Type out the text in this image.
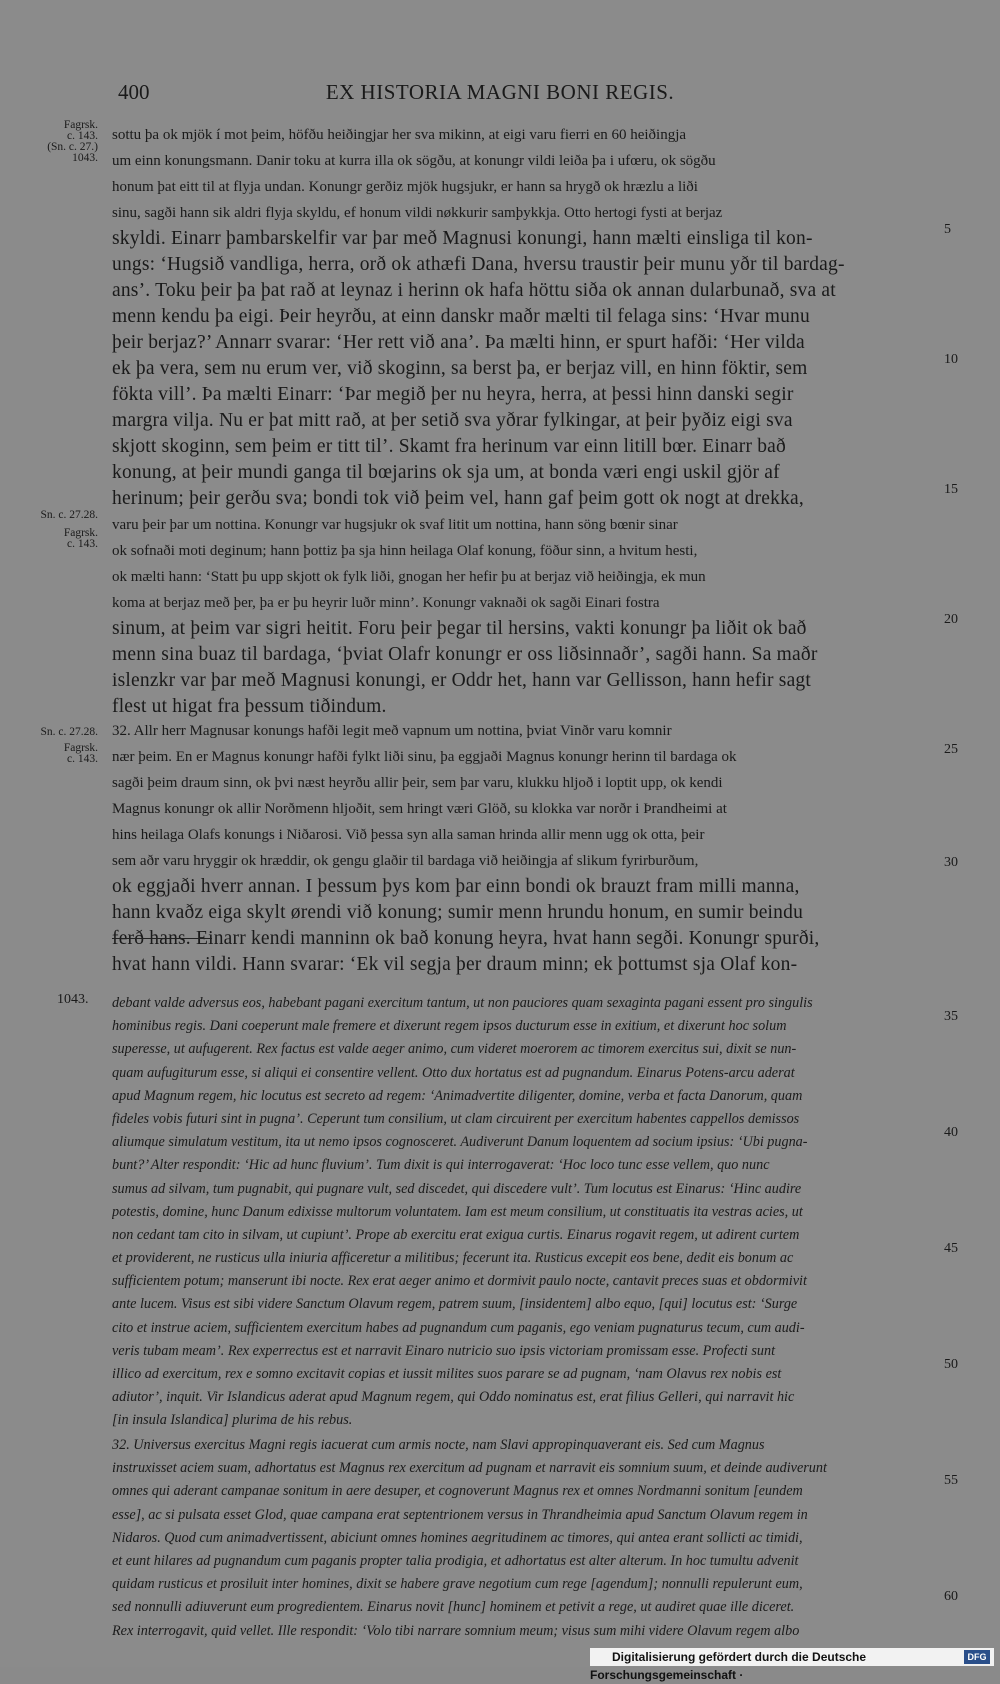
400	EX HISTORIA MAGNI BONI REGIS.
Fagrsk.
c. 143.
(Sn. c. 27.)
1043.
Sn. c. 27.28.
Fagrsk.
c. 143.
Sn. c. 27.28.
Fagrsk.
c. 143.
sottu þa ok mjök í mot þeim, höfðu heiðingjar her sva mikinn, at eigi varu fierri en 60 heiðingja
um einn konungsmann. Danir toku at kurra illa ok sögðu, at konungr vildi leiða þa i ufœru, ok sögðu
honum þat eitt til at flyja undan. Konungr gerðiz mjök hugsjukr, er hann sa hrygð ok hræzlu a liði
sinu, sagði hann sik aldri flyja skyldu, ef honum vildi nøkkurir samþykkja. Otto hertogi fysti at berjaz
skyldi. Einarr þambarskelfir var þar með Magnusi konungi, hann mælti einsliga til kon-
ungs: ‘Hugsið vandliga, herra, orð ok athæfi Dana, hversu traustir þeir munu yðr til bardag-
ans’. Toku þeir þa þat rað at leynaz i herinn ok hafa höttu siða ok annan dularbunað, sva at
menn kendu þa eigi. Þeir heyrðu, at einn danskr maðr mælti til felaga sins: ‘Hvar munu
þeir berjaz?’ Annarr svarar: ‘Her rett við ana’. Þa mælti hinn, er spurt hafði: ‘Her vilda
ek þa vera, sem nu erum ver, við skoginn, sa berst þa, er berjaz vill, en hinn föktir, sem
fökta vill’. Þa mælti Einarr: ‘Þar megið þer nu heyra, herra, at þessi hinn danski segir
margra vilja. Nu er þat mitt rað, at þer setið sva yðrar fylkingar, at þeir þyðiz eigi sva
skjott skoginn, sem þeim er titt til’. Skamt fra herinum var einn litill bœr. Einarr bað
konung, at þeir mundi ganga til bœjarins ok sja um, at bonda væri engi uskil gjör af
herinum; þeir gerðu sva; bondi tok við þeim vel, hann gaf þeim gott ok nogt at drekka,
varu þeir þar um nottina. Konungr var hugsjukr ok svaf litit um nottina, hann söng bœnir sinar
ok sofnaði moti deginum; hann þottiz þa sja hinn heilaga Olaf konung, föður sinn, a hvitum hesti,
ok mælti hann: ‘Statt þu upp skjott ok fylk liði, gnogan her hefir þu at berjaz við heiðingja, ek mun
koma at berjaz með þer, þa er þu heyrir luðr minn’. Konungr vaknaði ok sagði Einari fostra
sinum, at þeim var sigri heitit. Foru þeir þegar til hersins, vakti konungr þa liðit ok bað
menn sina buaz til bardaga, ‘þviat Olafr konungr er oss liðsinnaðr’, sagði hann. Sa maðr
islenzkr var þar með Magnusi konungi, er Oddr het, hann var Gellisson, hann hefir sagt
flest ut higat fra þessum tiðindum.
32. Allr herr Magnusar konungs hafði legit með vapnum um nottina, þviat Vinðr varu komnir
nær þeim. En er Magnus konungr hafði fylkt liði sinu, þa eggjaði Magnus konungr herinn til bardaga ok
sagði þeim draum sinn, ok þvi næst heyrðu allir þeir, sem þar varu, klukku hljoð i loptit upp, ok kendi
Magnus konungr ok allir Norðmenn hljoðit, sem hringt væri Glöð, su klokka var norðr i Þrandheimi at
hins heilaga Olafs konungs i Niðarosi. Við þessa syn alla saman hrinda allir menn ugg ok otta, þeir
sem aðr varu hryggir ok hræddir, ok gengu glaðir til bardaga við heiðingja af slikum fyrirburðum,
ok eggjaði hverr annan. I þessum þys kom þar einn bondi ok brauzt fram milli manna,
hann kvaðz eiga skylt ørendi við konung; sumir menn hrundu honum, en sumir beindu
ferð hans. Einarr kendi manninn ok bað konung heyra, hvat hann segði. Konungr spurði,
hvat hann vildi. Hann svarar: ‘Ek vil segja þer draum minn; ek þottumst sja Olaf kon-
5
10
15
20
25
30
35
40
45
50
55
60
1043. debant valde adversus eos, habebant pagani exercitum tantum, ut non pauciores quam sexaginta pagani essent pro singulis
hominibus regis. Dani coeperunt male fremere et dixerunt regem ipsos ducturum esse in exitium, et dixerunt hoc solum
superesse, ut aufugerent. Rex factus est valde aeger animo, cum videret moerorem ac timorem exercitus sui, dixit se nun-
quam aufugiturum esse, si aliqui ei consentire vellent. Otto dux hortatus est ad pugnandum. Einarus Potens-arcu aderat
apud Magnum regem, hic locutus est secreto ad regem: ‘Animadvertite diligenter, domine, verba et facta Danorum, quam
fideles vobis futuri sint in pugna’. Ceperunt tum consilium, ut clam circuirent per exercitum habentes cappellos demissos
aliumque simulatum vestitum, ita ut nemo ipsos cognosceret. Audiverunt Danum loquentem ad socium ipsius: ‘Ubi pugna-
bunt?’ Alter respondit: ‘Hic ad hunc fluvium’. Tum dixit is qui interrogaverat: ‘Hoc loco tunc esse vellem, quo nunc
sumus ad silvam, tum pugnabit, qui pugnare vult, sed discedet, qui discedere vult’. Tum locutus est Einarus: ‘Hinc audire
potestis, domine, hunc Danum edixisse multorum voluntatem. Iam est meum consilium, ut constituatis ita vestras acies, ut
non cedant tam cito in silvam, ut cupiunt’. Prope ab exercitu erat exigua curtis. Einarus rogavit regem, ut adirent curtem
et providerent, ne rusticus ulla iniuria afficeretur a militibus; fecerunt ita. Rusticus excepit eos bene, dedit eis bonum ac
sufficientem potum; manserunt ibi nocte. Rex erat aeger animo et dormivit paulo nocte, cantavit preces suas et obdormivit
ante lucem. Visus est sibi videre Sanctum Olavum regem, patrem suum, [insidentem] albo equo, [qui] locutus est: ‘Surge
cito et instrue aciem, sufficientem exercitum habes ad pugnandum cum paganis, ego veniam pugnaturus tecum, cum audi-
veris tubam meam’. Rex experrectus est et narravit Einaro nutricio suo ipsis victoriam promissam esse. Profecti sunt
illico ad exercitum, rex e somno excitavit copias et iussit milites suos parare se ad pugnam, ‘nam Olavus rex nobis est
adiutor’, inquit. Vir Islandicus aderat apud Magnum regem, qui Oddo nominatus est, erat filius Gelleri, qui narravit hic
[in insula Islandica] plurima de his rebus.
32. Universus exercitus Magni regis iacuerat cum armis nocte, nam Slavi appropinquaverant eis. Sed cum Magnus
instruxisset aciem suam, adhortatus est Magnus rex exercitum ad pugnam et narravit eis somnium suum, et deinde audiverunt
omnes qui aderant campanae sonitum in aere desuper, et cognoverunt Magnus rex et omnes Nordmanni sonitum [eundem
esse], ac si pulsata esset Glod, quae campana erat septentrionem versus in Thrandheimia apud Sanctum Olavum regem in
Nidaros. Quod cum animadvertissent, abiciunt omnes homines aegritudinem ac timores, qui antea erant sollicti ac timidi,
et eunt hilares ad pugnandum cum paganis propter talia prodigia, et adhortatus est alter alterum. In hoc tumultu advenit
quidam rusticus et prosiluit inter homines, dixit se habere grave negotium cum rege [agendum]; nonnulli repulerunt eum,
sed nonnulli adiuverunt eum progredientem. Einarus novit [hunc] hominem et petivit a rege, ut audiret quae ille diceret.
Rex interrogavit, quid vellet. Ille respondit: ‘Volo tibi narrare somnium meum; visus sum mihi videre Olavum regem albo
Digitalisierung gefördert durch die Deutsche Forschungsgemeinschaft ·
DFG
